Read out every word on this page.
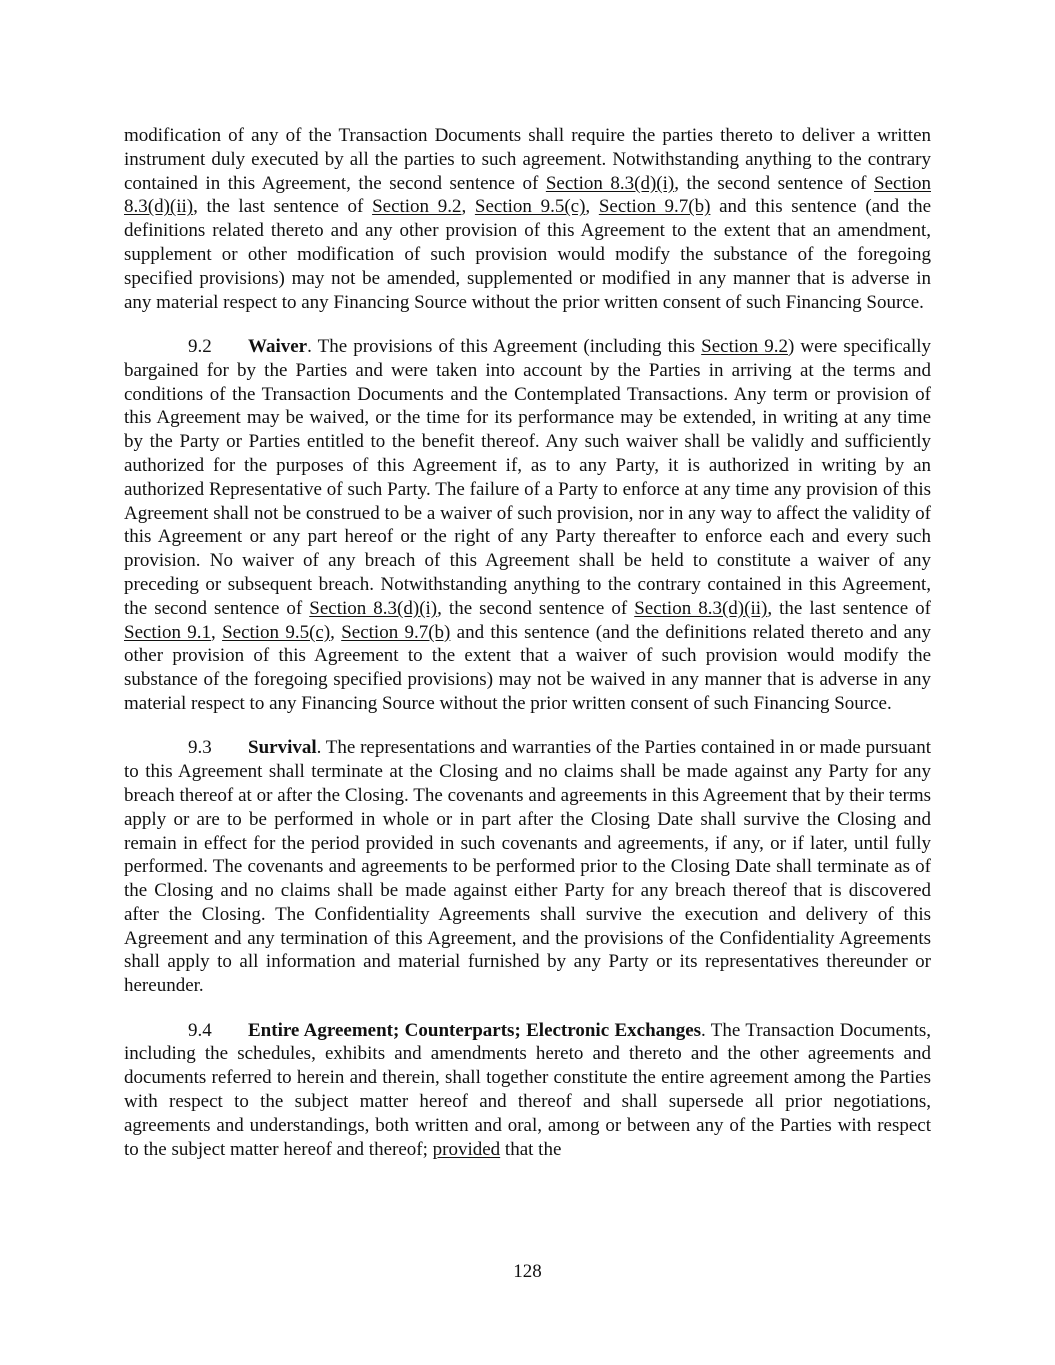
modification of any of the Transaction Documents shall require the parties thereto to deliver a written instrument duly executed by all the parties to such agreement. Notwithstanding anything to the contrary contained in this Agreement, the second sentence of Section 8.3(d)(i), the second sentence of Section 8.3(d)(ii), the last sentence of Section 9.2, Section 9.5(c), Section 9.7(b) and this sentence (and the definitions related thereto and any other provision of this Agreement to the extent that an amendment, supplement or other modification of such provision would modify the substance of the foregoing specified provisions) may not be amended, supplemented or modified in any manner that is adverse in any material respect to any Financing Source without the prior written consent of such Financing Source.

9.2 Waiver. The provisions of this Agreement (including this Section 9.2) were specifically bargained for by the Parties and were taken into account by the Parties in arriving at the terms and conditions of the Transaction Documents and the Contemplated Transactions. Any term or provision of this Agreement may be waived, or the time for its performance may be extended, in writing at any time by the Party or Parties entitled to the benefit thereof. Any such waiver shall be validly and sufficiently authorized for the purposes of this Agreement if, as to any Party, it is authorized in writing by an authorized Representative of such Party. The failure of a Party to enforce at any time any provision of this Agreement shall not be construed to be a waiver of such provision, nor in any way to affect the validity of this Agreement or any part hereof or the right of any Party thereafter to enforce each and every such provision. No waiver of any breach of this Agreement shall be held to constitute a waiver of any preceding or subsequent breach. Notwithstanding anything to the contrary contained in this Agreement, the second sentence of Section 8.3(d)(i), the second sentence of Section 8.3(d)(ii), the last sentence of Section 9.1, Section 9.5(c), Section 9.7(b) and this sentence (and the definitions related thereto and any other provision of this Agreement to the extent that a waiver of such provision would modify the substance of the foregoing specified provisions) may not be waived in any manner that is adverse in any material respect to any Financing Source without the prior written consent of such Financing Source.

9.3 Survival. The representations and warranties of the Parties contained in or made pursuant to this Agreement shall terminate at the Closing and no claims shall be made against any Party for any breach thereof at or after the Closing. The covenants and agreements in this Agreement that by their terms apply or are to be performed in whole or in part after the Closing Date shall survive the Closing and remain in effect for the period provided in such covenants and agreements, if any, or if later, until fully performed. The covenants and agreements to be performed prior to the Closing Date shall terminate as of the Closing and no claims shall be made against either Party for any breach thereof that is discovered after the Closing. The Confidentiality Agreements shall survive the execution and delivery of this Agreement and any termination of this Agreement, and the provisions of the Confidentiality Agreements shall apply to all information and material furnished by any Party or its representatives thereunder or hereunder.

9.4 Entire Agreement; Counterparts; Electronic Exchanges. The Transaction Documents, including the schedules, exhibits and amendments hereto and thereto and the other agreements and documents referred to herein and therein, shall together constitute the entire agreement among the Parties with respect to the subject matter hereof and thereof and shall supersede all prior negotiations, agreements and understandings, both written and oral, among or between any of the Parties with respect to the subject matter hereof and thereof; provided that the

128
